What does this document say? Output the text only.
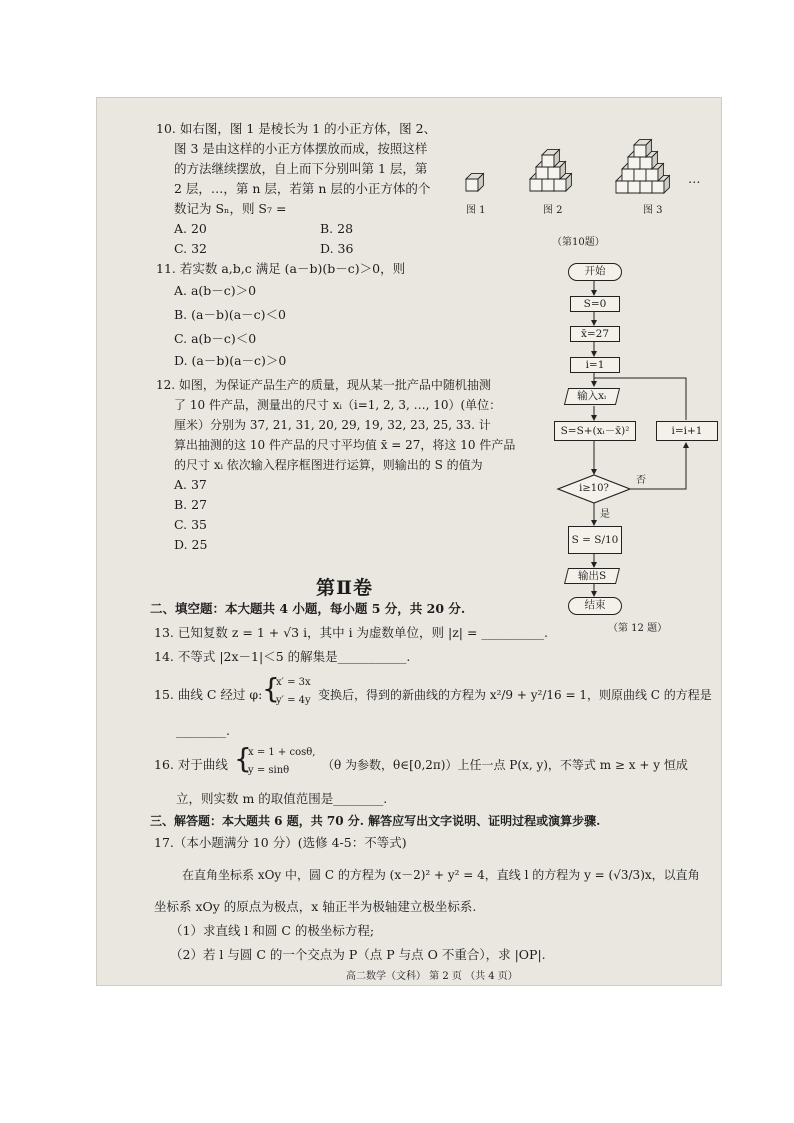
10. 如右图，图 1 是棱长为 1 的小正方体，图 2、
图 3 是由这样的小正方体摆放而成，按照这样
的方法继续摆放，自上而下分别叫第 1 层，第
2 层，…，第 n 层，若第 n 层的小正方体的个
数记为 Sₙ，则 S₇ =
A. 20	B. 28
C. 32	D. 36
图 1	图 2	图 3
…
（第10题）
11. 若实数 a,b,c 满足 (a－b)(b－c)＞0，则
A. a(b－c)＞0
B. (a－b)(a－c)＜0
C. a(b－c)＜0
D. (a－b)(a－c)＞0
12. 如图，为保证产品生产的质量，现从某一批产品中随机抽测
了 10 件产品，测量出的尺寸 xᵢ（i=1, 2, 3, …, 10）(单位：
厘米）分别为 37, 21, 31, 20, 29, 19, 32, 23, 25, 33. 计
算出抽测的这 10 件产品的尺寸平均值 x̄ = 27，将这 10 件产品
的尺寸 xᵢ 依次输入程序框图进行运算，则输出的 S 的值为
A. 37
B. 27
C. 35
D. 25
开始
S=0
x̄=27
i=1
输入xᵢ
S=S+(xᵢ－x̄)²	i=i+1
i≥10?
否
是
S = S/10
输出S
结束
（第 12 题）
第Ⅱ卷
二、填空题：本大题共 4 小题，每小题 5 分，共 20 分.
13. 已知复数 z = 1 + √3 i，其中 i 为虚数单位，则 |z| = __________.
14. 不等式 |2x－1|＜5 的解集是___________.
15. 曲线 C 经过 φ: {
x′ = 3x
y′ = 4y 变换后，得到的新曲线的方程为 x²/9 + y²/16 = 1，则原曲线 C 的方程是
________.
16. 对于曲线 {
x = 1 + cosθ,
y = sinθ	（θ 为参数，θ∈[0,2π)）上任一点 P(x, y)，不等式 m ≥ x + y 恒成
立，则实数 m 的取值范围是________.
三、解答题：本大题共 6 题，共 70 分. 解答应写出文字说明、证明过程或演算步骤.
17.（本小题满分 10 分）(选修 4-5：不等式)
在直角坐标系 xOy 中，圆 C 的方程为 (x－2)² + y² = 4，直线 l 的方程为 y = (√3/3)x，以直角
坐标系 xOy 的原点为极点，x 轴正半为极轴建立极坐标系.
（1）求直线 l 和圆 C 的极坐标方程;
（2）若 l 与圆 C 的一个交点为 P（点 P 与点 O 不重合），求 |OP|.
高二数学（文科） 第 2 页 （共 4 页）
